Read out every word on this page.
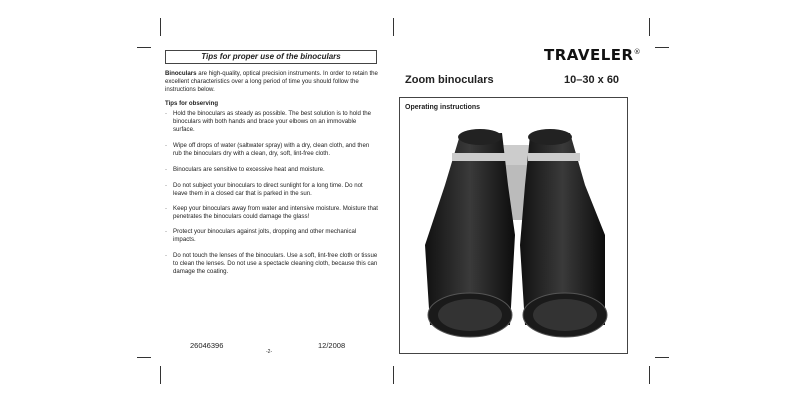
Tips for proper use of the binoculars
Binoculars are high-quality, optical precision instruments. In order to retain the excellent characteristics over a long period of time you should follow the instructions below.
Tips for observing
- Hold the binoculars as steady as possible. The best solution is to hold the binoculars with both hands and brace your elbows on an immovable surface.
- Wipe off drops of water (saltwater spray) with a dry, clean cloth, and then rub the binoculars dry with a clean, dry, soft, lint-free cloth.
- Binoculars are sensitive to excessive heat and moisture.
- Do not subject your binoculars to direct sunlight for a long time. Do not leave them in a closed car that is parked in the sun.
- Keep your binoculars away from water and intensive moisture. Moisture that penetrates the binoculars could damage the glass!
- Protect your binoculars against jolts, dropping and other mechanical impacts.
- Do not touch the lenses of the binoculars. Use a soft, lint-free cloth or tissue to clean the lenses. Do not use a spectacle cleaning cloth, because this can damage the coating.
26046396	12/2008
-2-
TRAVELER®
Zoom binoculars	10–30 x 60
Operating instructions
